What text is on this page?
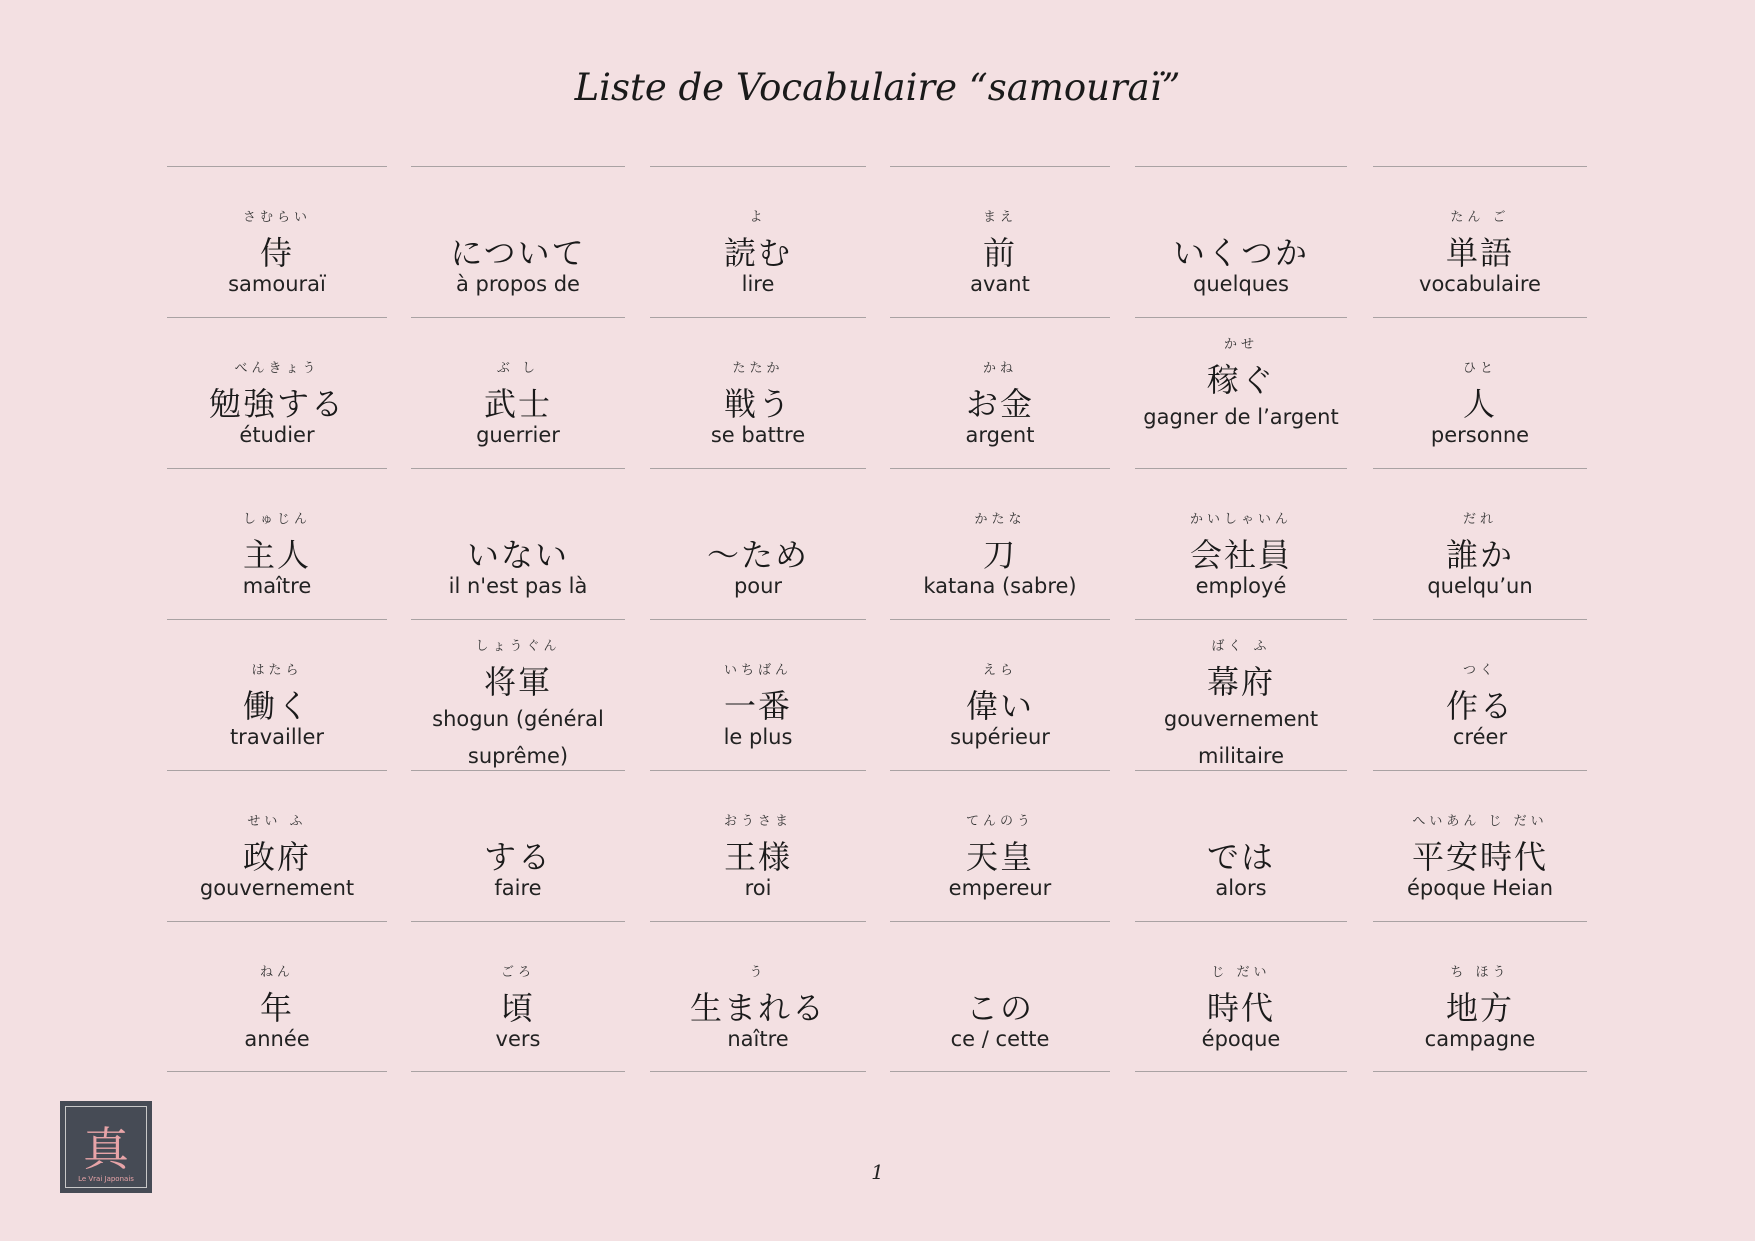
Liste de Vocabulaire “samouraï”
さむらい
侍
samouraï
について
à propos de
よ
読む
lire
まえ
前
avant
いくつか
quelques
たん ご
単語
vocabulaire
べんきょう
勉強する
étudier
ぶ し
武士
guerrier
たたか
戦う
se battre
かね
お金
argent
かせ
稼ぐ
gagner de l’argent
ひと
人
personne
しゅじん
主人
maître
いない
il n'est pas là
～ため
pour
かたな
刀
katana (sabre)
かいしゃいん
会社員
employé
だれ
誰か
quelqu’un
はたら
働く
travailler
しょうぐん
将軍
shogun (général suprême)
いちばん
一番
le plus
えら
偉い
supérieur
ばく ふ
幕府
gouvernement militaire
つく
作る
créer
せい ふ
政府
gouvernement
する
faire
おうさま
王様
roi
てんのう
天皇
empereur
では
alors
へいあん じ だい
平安時代
époque Heian
ねん
年
année
ごろ
頃
vers
う
生まれる
naître
この
ce / cette
じ だい
時代
époque
ち ほう
地方
campagne
真
Le Vrai Japonais	1
